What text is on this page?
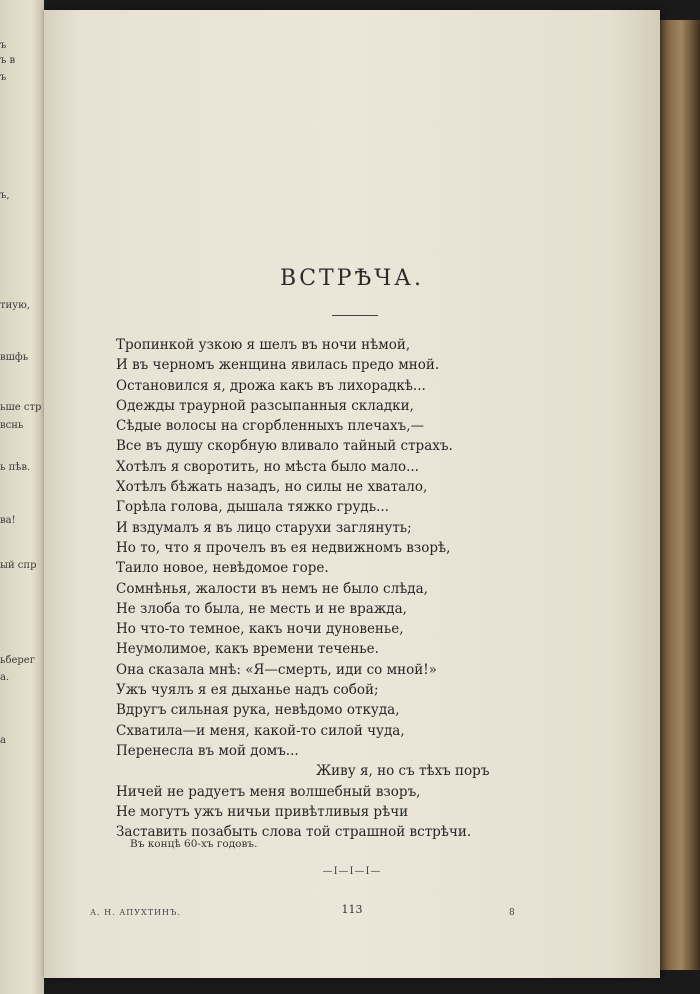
ъ
ъ в
ъ
ъ,
тиую,
вшфь
ьше стр
вснь
ь пѣв.
ва!
ый спр
ьберег
а.
a
ВСТРѢЧА.
Тропинкой узкою я шелъ въ ночи нѣмой,
И въ черномъ женщина явилась предо мной.
Остановился я, дрожа какъ въ лихорадкѣ...
Одежды траурной разсыпанныя складки,
Сѣдые волосы на сгорбленныхъ плечахъ,—
Все въ душу скорбную вливало тайный страхъ.
Хотѣлъ я своротить, но мѣста было мало...
Хотѣлъ бѣжать назадъ, но силы не хватало,
Горѣла голова, дышала тяжко грудь...
И вздумалъ я въ лицо старухи заглянуть;
Но то, что я прочелъ въ ея недвижномъ взорѣ,
Таило новое, невѣдомое горе.
Сомнѣнья, жалости въ немъ не было слѣда,
Не злоба то была, не месть и не вражда,
Но что-то темное, какъ ночи дуновенье,
Неумолимое, какъ времени теченье.
Она сказала мнѣ: «Я—смерть, иди со мной!»
Ужъ чуялъ я ея дыханье надъ собой;
Вдругъ сильная рука, невѣдомо откуда,
Схватила—и меня, какой-то силой чуда,
Перенесла въ мой домъ...
Живу я, но съ тѣхъ поръ
Ничей не радуетъ меня волшебный взоръ,
Не могутъ ужъ ничьи привѣтливыя рѣчи
Заставить позабыть слова той страшной встрѣчи.
Въ концѣ 60-хъ годовъ.
—I—I—I—
А. Н. АПУХТИНЪ.	113	8
